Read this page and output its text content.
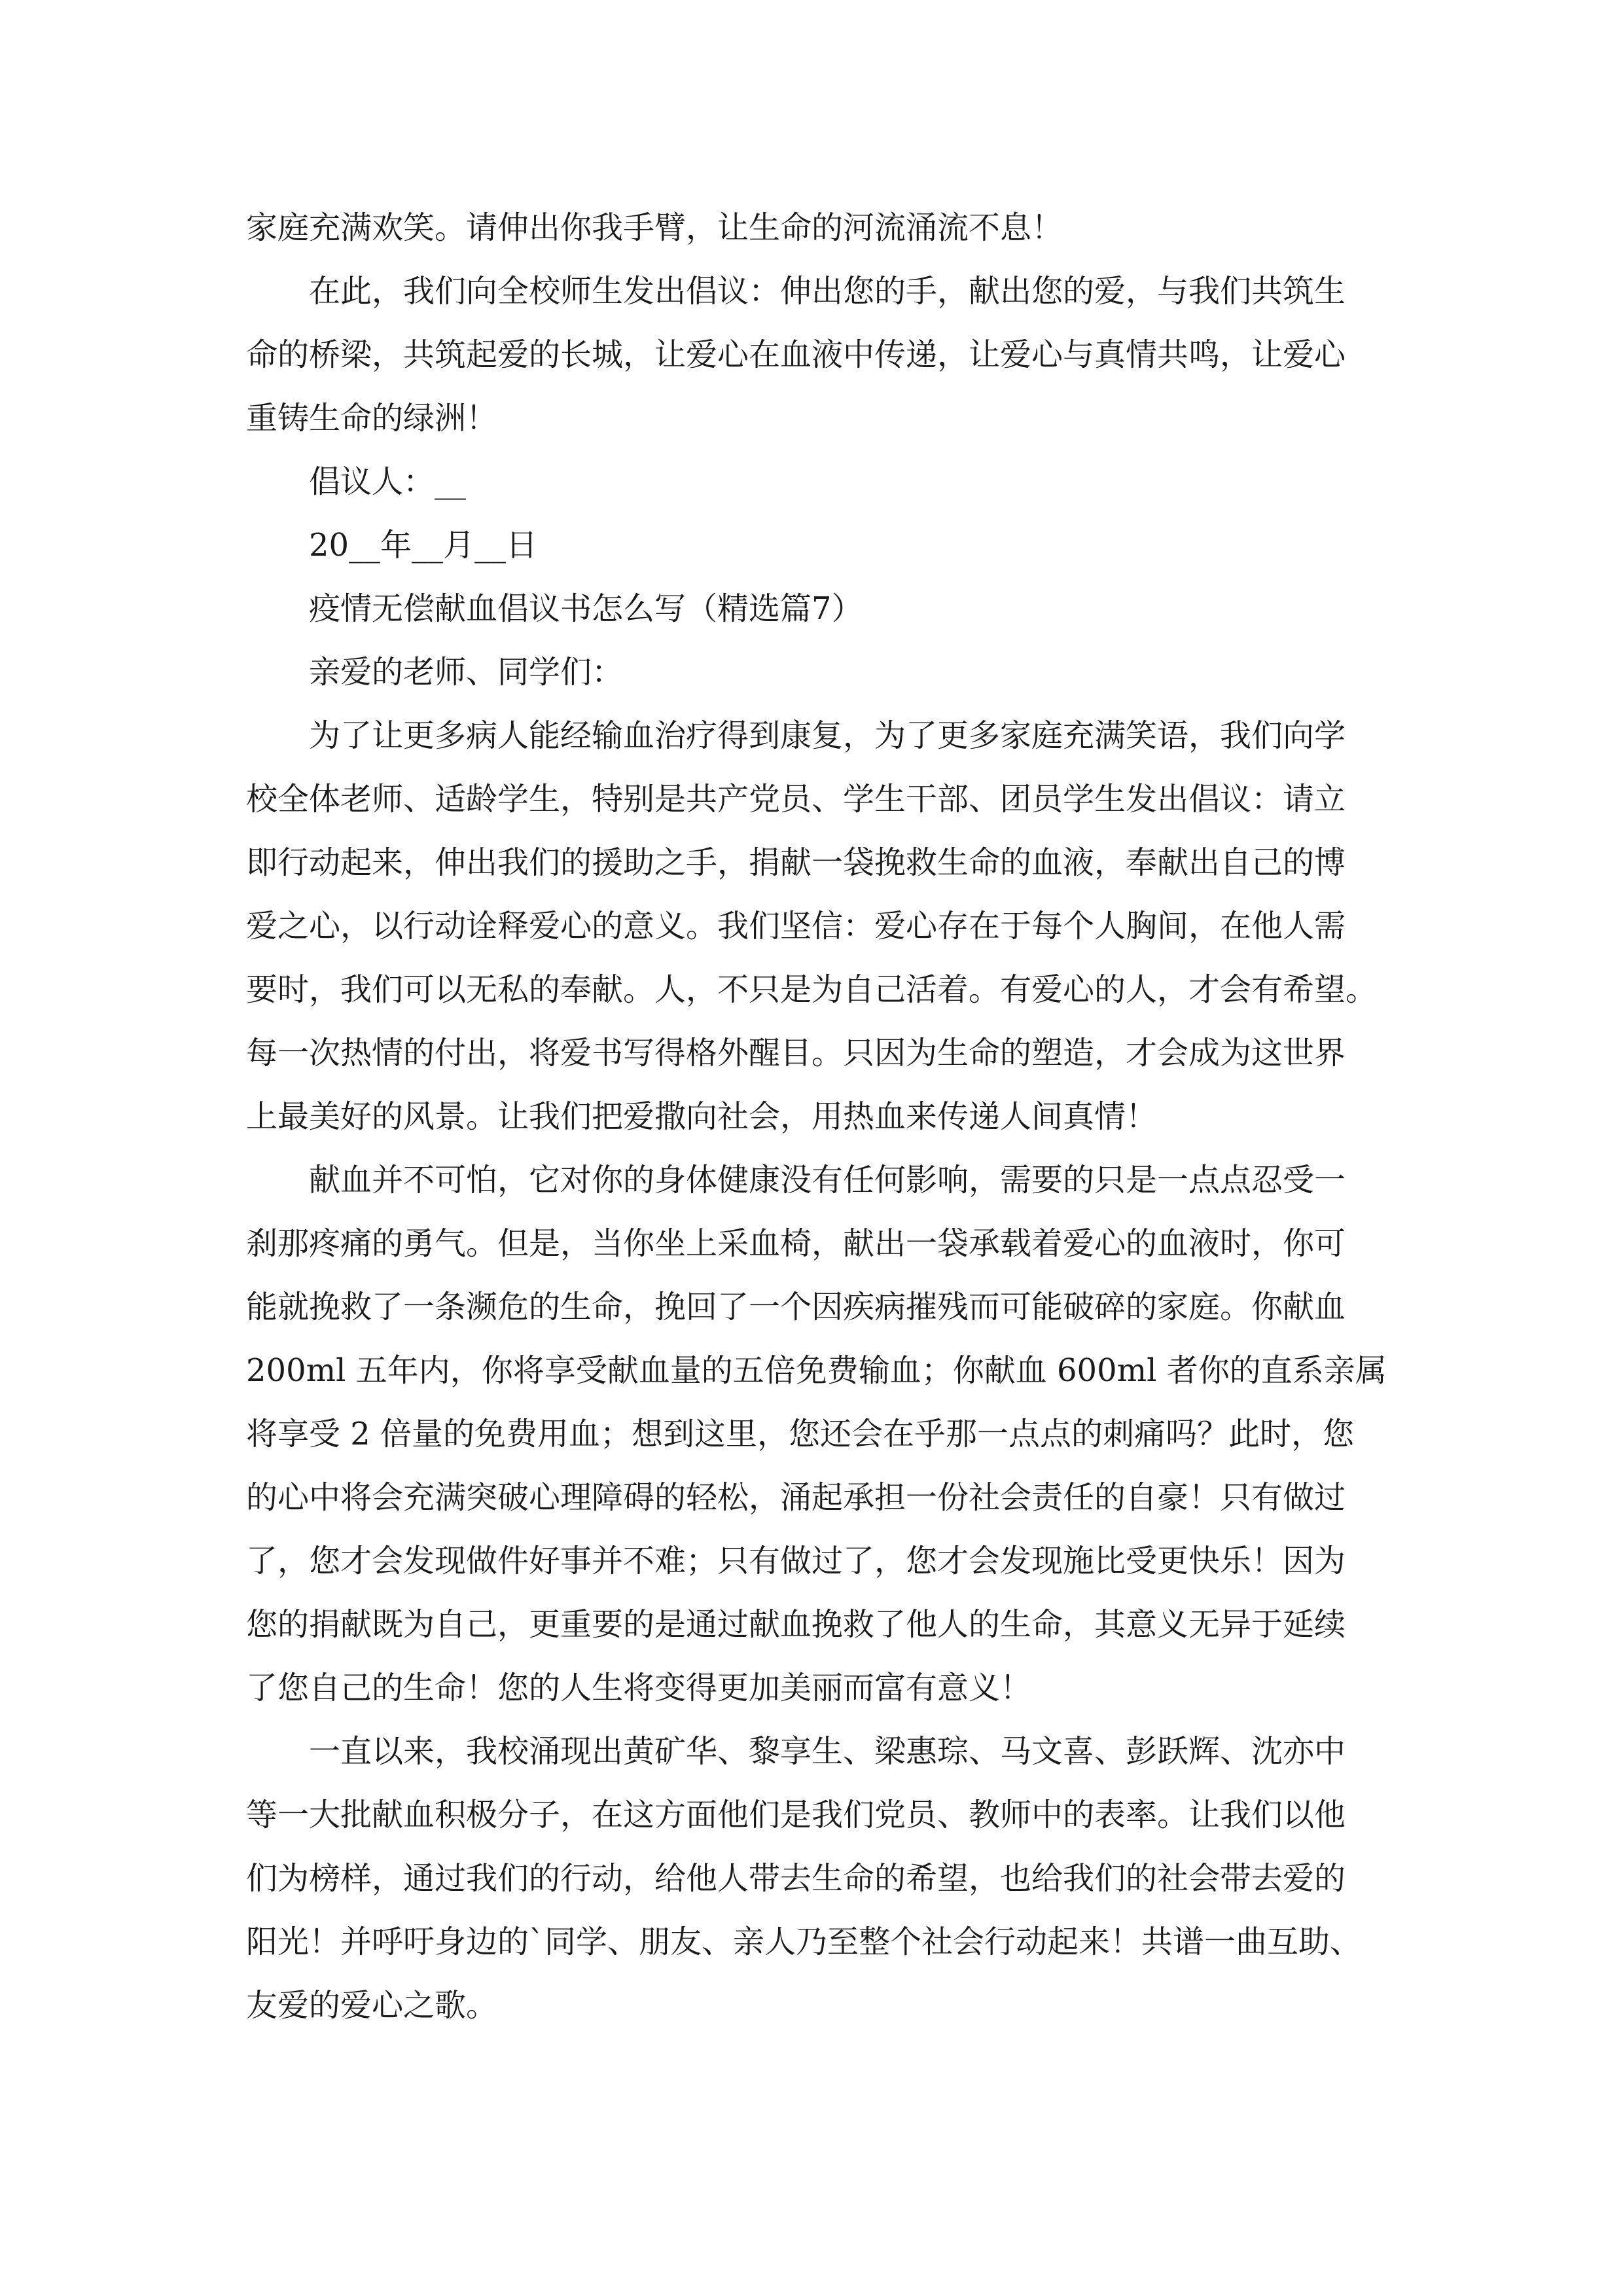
家庭充满欢笑。请伸出你我手臂，让生命的河流涌流不息！
在此，我们向全校师生发出倡议：伸出您的手，献出您的爱，与我们共筑生
命的桥梁，共筑起爱的长城，让爱心在血液中传递，让爱心与真情共鸣，让爱心
重铸生命的绿洲！
倡议人：__
20__年__月__日
疫情无偿献血倡议书怎么写（精选篇7）
亲爱的老师、同学们：
为了让更多病人能经输血治疗得到康复，为了更多家庭充满笑语，我们向学
校全体老师、适龄学生，特别是共产党员、学生干部、团员学生发出倡议：请立
即行动起来，伸出我们的援助之手，捐献一袋挽救生命的血液，奉献出自己的博
爱之心，以行动诠释爱心的意义。我们坚信：爱心存在于每个人胸间，在他人需
要时，我们可以无私的奉献。人，不只是为自己活着。有爱心的人，才会有希望。
每一次热情的付出，将爱书写得格外醒目。只因为生命的塑造，才会成为这世界
上最美好的风景。让我们把爱撒向社会，用热血来传递人间真情！
献血并不可怕，它对你的身体健康没有任何影响，需要的只是一点点忍受一
刹那疼痛的勇气。但是，当你坐上采血椅，献出一袋承载着爱心的血液时，你可
能就挽救了一条濒危的生命，挽回了一个因疾病摧残而可能破碎的家庭。你献血
200ml 五年内，你将享受献血量的五倍免费输血；你献血 600ml 者你的直系亲属
将享受 2 倍量的免费用血；想到这里，您还会在乎那一点点的刺痛吗？此时，您
的心中将会充满突破心理障碍的轻松，涌起承担一份社会责任的自豪！只有做过
了，您才会发现做件好事并不难；只有做过了，您才会发现施比受更快乐！因为
您的捐献既为自己，更重要的是通过献血挽救了他人的生命，其意义无异于延续
了您自己的生命！您的人生将变得更加美丽而富有意义！
一直以来，我校涌现出黄矿华、黎享生、梁惠琮、马文喜、彭跃辉、沈亦中
等一大批献血积极分子，在这方面他们是我们党员、教师中的表率。让我们以他
们为榜样，通过我们的行动，给他人带去生命的希望，也给我们的社会带去爱的
阳光！并呼吁身边的`同学、朋友、亲人乃至整个社会行动起来！共谱一曲互助、
友爱的爱心之歌。
